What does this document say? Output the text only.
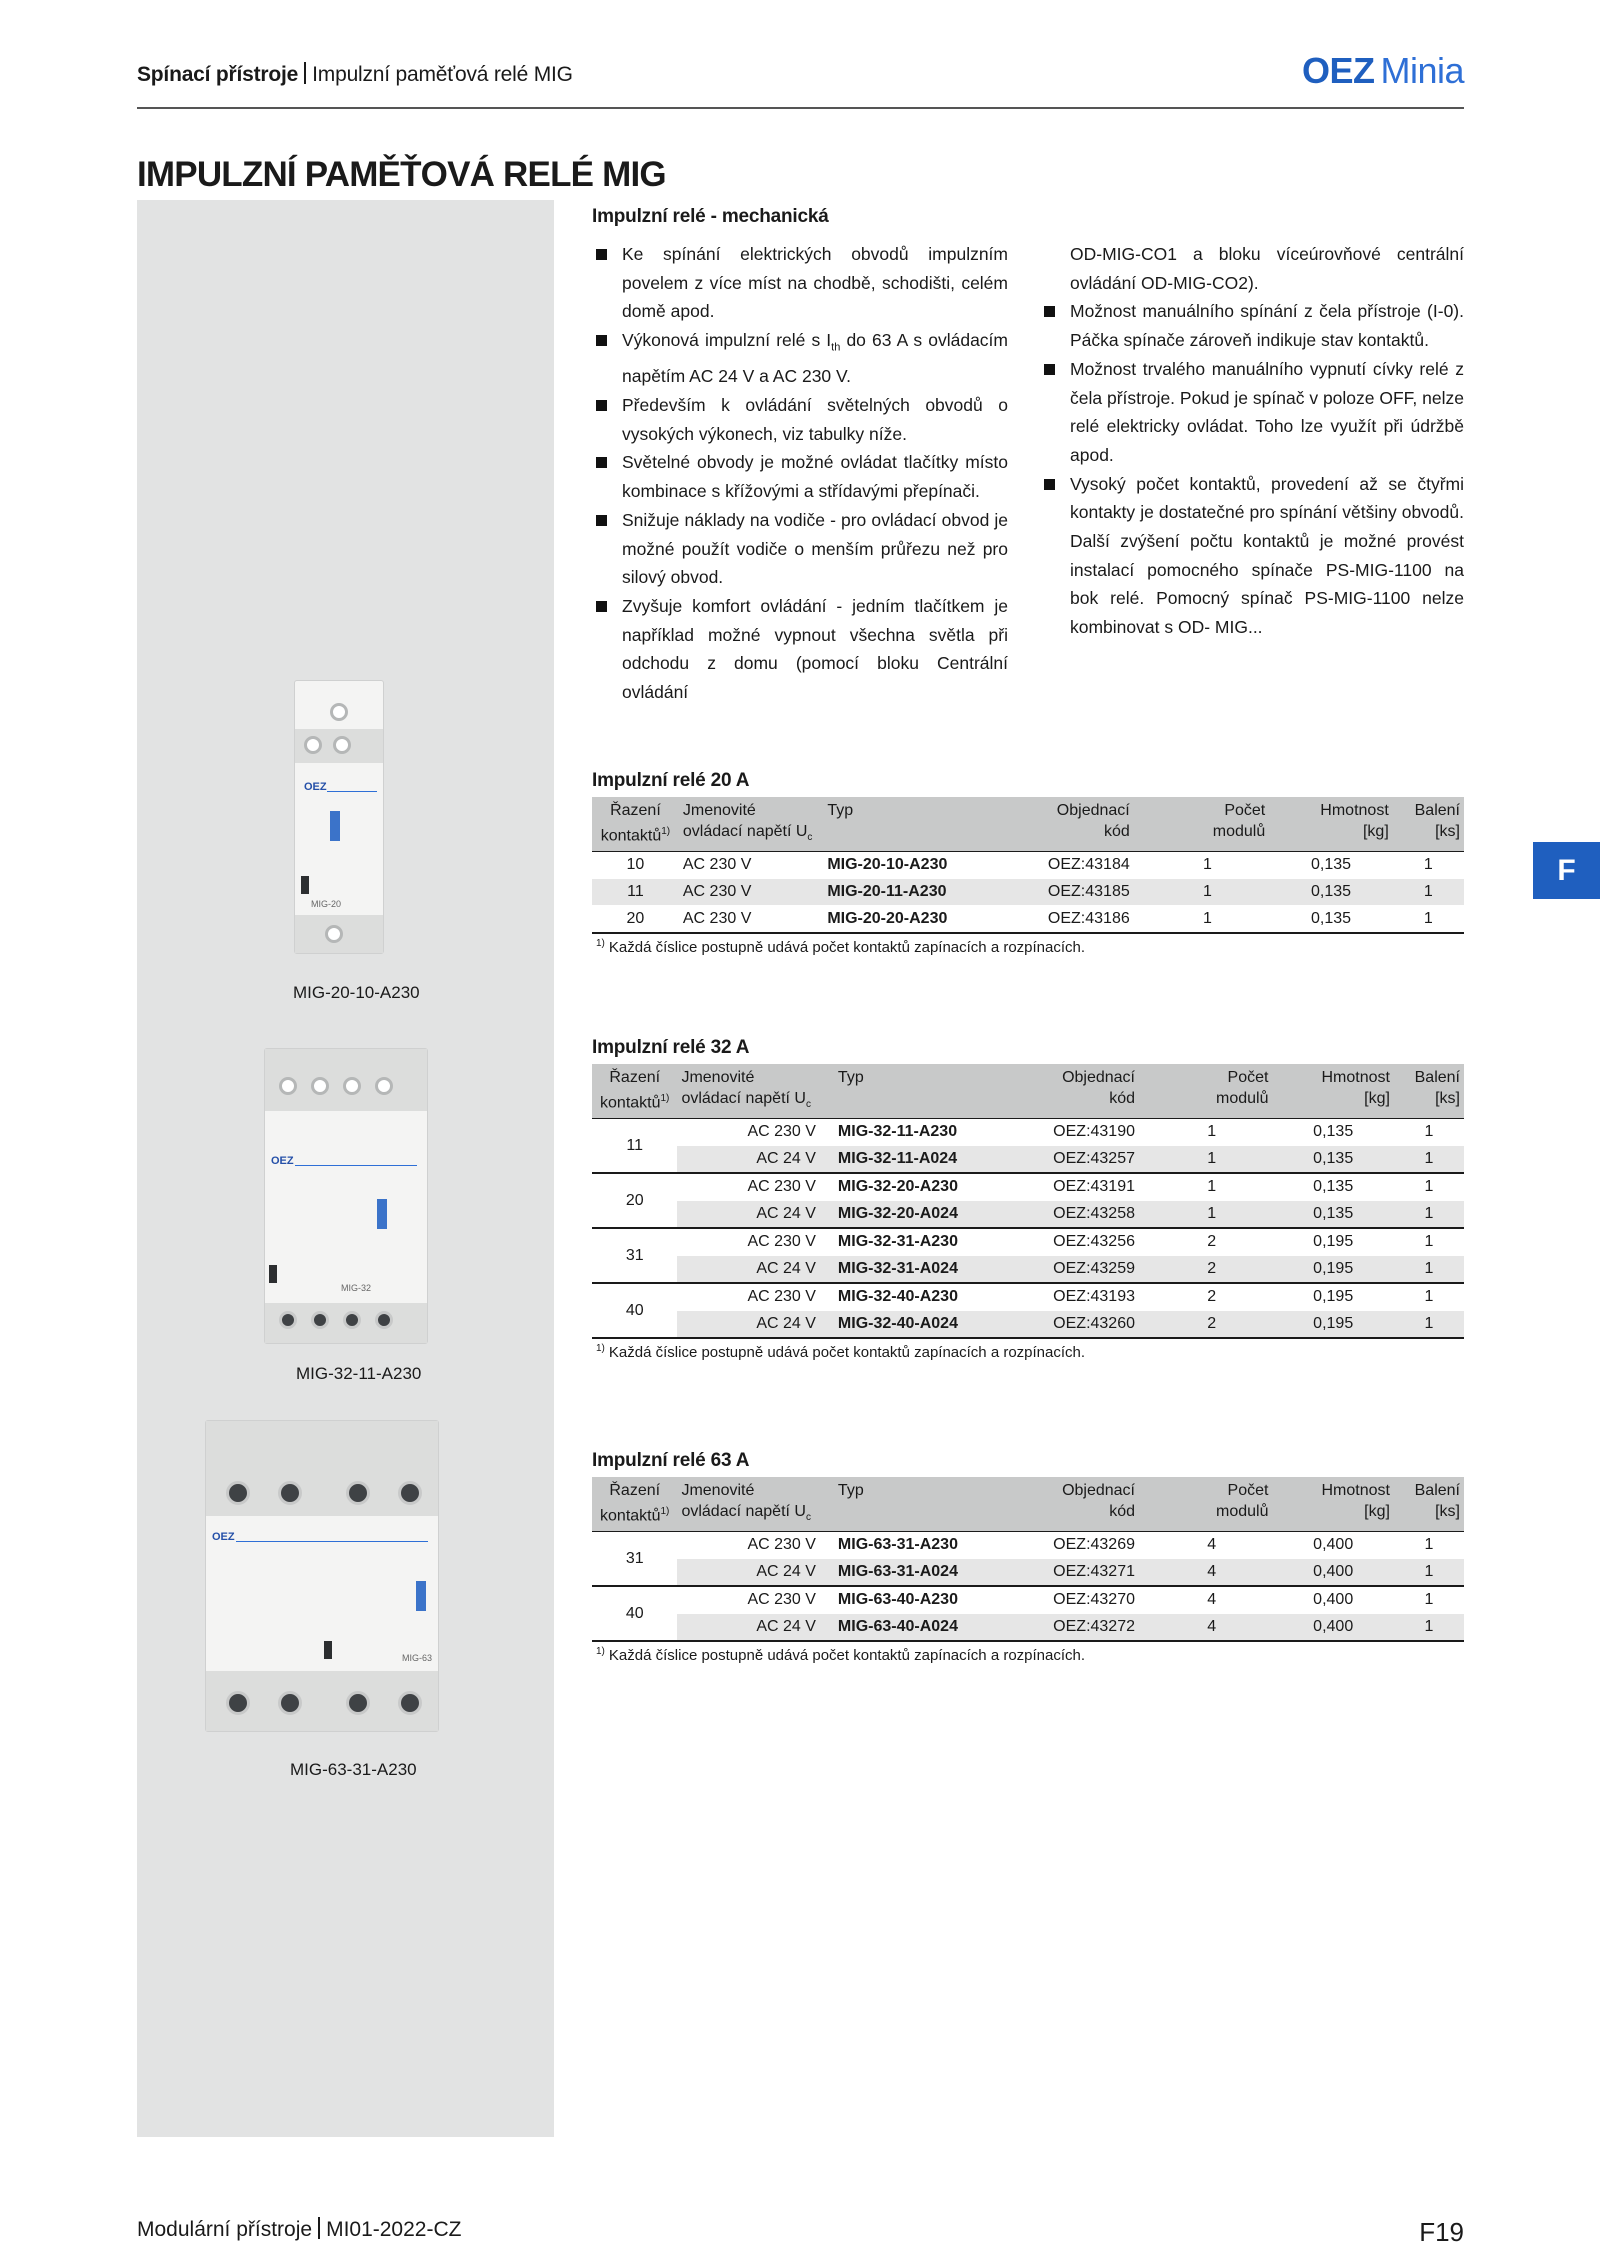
Spínací přístroje Impulzní paměťová relé MIG	OEZ Minia
IMPULZNÍ PAMĚŤOVÁ RELÉ MIG
OEZ
MIG-20
MIG-20-10-A230
OEZ
MIG-32
MIG-32-11-A230
OEZ
MIG-63
MIG-63-31-A230
Impulzní relé - mechanická
Ke spínání elektrických obvodů impulzním povelem z více míst na chodbě, schodišti, celém domě apod.
Výkonová impulzní relé s $I_{th}$ do 63 A s ovládacím napětím AC 24 V a AC 230 V.
Především k ovládání světelných obvodů o vysokých výkonech, viz tabulky níže.
Světelné obvody je možné ovládat tlačítky místo kombinace s křížovými a střídavými přepínači.
Snižuje náklady na vodiče - pro ovládací obvod je možné použít vodiče o menším průřezu než pro silový obvod.
Zvyšuje komfort ovládání - jedním tlačítkem je například možné vypnout všechna světla při odchodu z domu (pomocí bloku Centrální ovládání
OD-MIG-CO1 a bloku víceúrovňové centrální ovládání OD-MIG-CO2).
Možnost manuálního spínání z čela přístroje (I-0). Páčka spínače zároveň indikuje stav kontaktů.
Možnost trvalého manuálního vypnutí cívky relé z čela přístroje. Pokud je spínač v poloze OFF, nelze relé elektricky ovládat. Toho lze využít při údržbě apod.
Vysoký počet kontaktů, provedení až se čtyřmi kontakty je dostatečné pro spínání většiny obvodů. Další zvýšení počtu kontaktů je možné provést instalací pomocného spínače PS-MIG-1100 na bok relé. Pomocný spínač PS-MIG-1100 nelze kombinovat s OD- MIG...
Impulzní relé 20 A
Řazení
kontaktů$^{1)}$	Jmenovité
ovládací napětí $U_c$	Typ	Objednací
kód	Počet
modulů	Hmotnost
[kg]	Balení
[ks]
10	AC 230 V	MIG-20-10-A230	OEZ:43184	1	0,135	1
11	AC 230 V	MIG-20-11-A230	OEZ:43185	1	0,135	1
20	AC 230 V	MIG-20-20-A230	OEZ:43186	1	0,135	1
$^{1)}$ Každá číslice postupně udává počet kontaktů zapínacích a rozpínacích.
Impulzní relé 32 A
Řazení
kontaktů$^{1)}$	Jmenovité
ovládací napětí $U_c$	Typ	Objednací
kód	Počet
modulů	Hmotnost
[kg]	Balení
[ks]
11	AC 230 V	MIG-32-11-A230	OEZ:43190	1	0,135	1
	AC 24 V	MIG-32-11-A024	OEZ:43257	1	0,135	1
20	AC 230 V	MIG-32-20-A230	OEZ:43191	1	0,135	1
	AC 24 V	MIG-32-20-A024	OEZ:43258	1	0,135	1
31	AC 230 V	MIG-32-31-A230	OEZ:43256	2	0,195	1
	AC 24 V	MIG-32-31-A024	OEZ:43259	2	0,195	1
40	AC 230 V	MIG-32-40-A230	OEZ:43193	2	0,195	1
	AC 24 V	MIG-32-40-A024	OEZ:43260	2	0,195	1
$^{1)}$ Každá číslice postupně udává počet kontaktů zapínacích a rozpínacích.
Impulzní relé 63 A
Řazení
kontaktů$^{1)}$	Jmenovité
ovládací napětí $U_c$	Typ	Objednací
kód	Počet
modulů	Hmotnost
[kg]	Balení
[ks]
31	AC 230 V	MIG-63-31-A230	OEZ:43269	4	0,400	1
	AC 24 V	MIG-63-31-A024	OEZ:43271	4	0,400	1
40	AC 230 V	MIG-63-40-A230	OEZ:43270	4	0,400	1
	AC 24 V	MIG-63-40-A024	OEZ:43272	4	0,400	1
$^{1)}$ Každá číslice postupně udává počet kontaktů zapínacích a rozpínacích.
F
Modulární přístroje MI01-2022-CZ	F19
